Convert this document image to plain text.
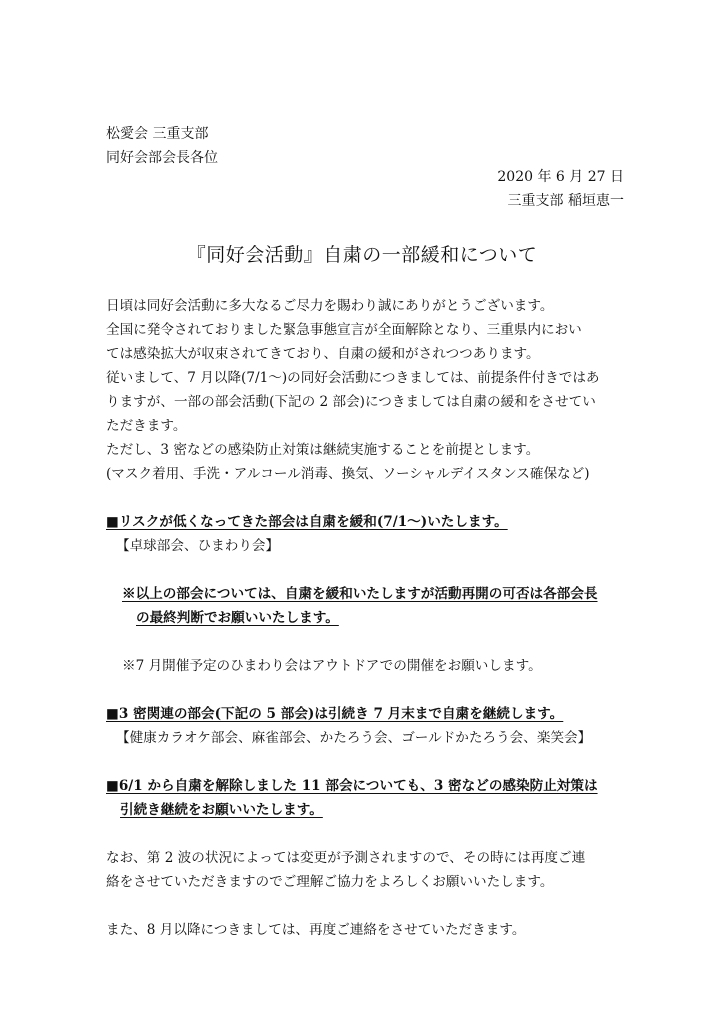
松愛会 三重支部
同好会部会長各位
2020 年 6 月 27 日
三重支部 稲垣恵一
『同好会活動』自粛の一部緩和について

日頃は同好会活動に多大なるご尽力を賜わり誠にありがとうございます。

全国に発令されておりました緊急事態宣言が全面解除となり、三重県内におい

ては感染拡大が収束されてきており、自粛の緩和がされつつあります。

従いまして、7 月以降(7/1～)の同好会活動につきましては、前提条件付きではあ

りますが、一部の部会活動(下記の 2 部会)につきましては自粛の緩和をさせてい

ただきます。

ただし、3 密などの感染防止対策は継続実施することを前提とします。

(マスク着用、手洗・アルコール消毒、換気、ソーシャルデイスタンス確保など)

■リスクが低くなってきた部会は自粛を緩和(7/1～)いたします。

【卓球部会、ひまわり会】

※以上の部会については、自粛を緩和いたしますが活動再開の可否は各部会長

の最終判断でお願いいたします。

※7 月開催予定のひまわり会はアウトドアでの開催をお願いします。

■3 密関連の部会(下記の 5 部会)は引続き 7 月末まで自粛を継続します。

【健康カラオケ部会、麻雀部会、かたろう会、ゴールドかたろう会、楽笑会】

■6/1 から自粛を解除しました 11 部会についても、3 密などの感染防止対策は

引続き継続をお願いいたします。

なお、第 2 波の状況によっては変更が予測されますので、その時には再度ご連

絡をさせていただきますのでご理解ご協力をよろしくお願いいたします。

また、8 月以降につきましては、再度ご連絡をさせていただきます。
